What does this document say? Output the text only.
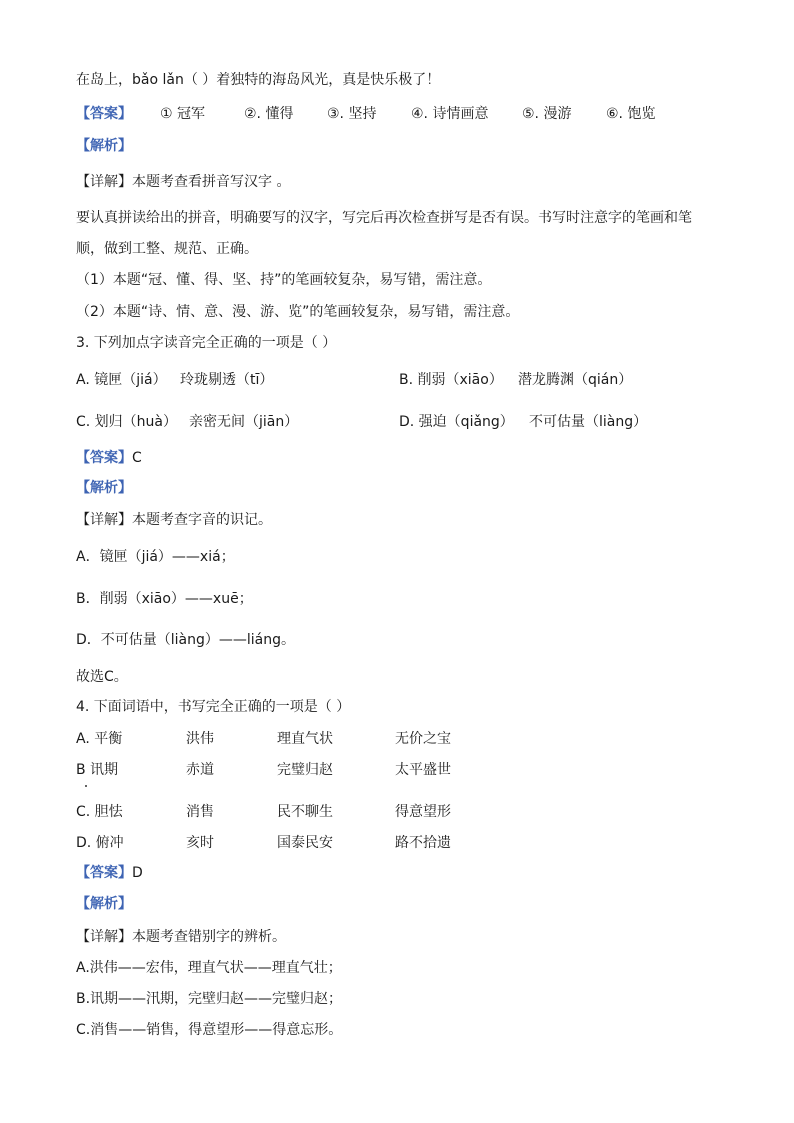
在岛上，bǎo lǎn（ ）着独特的海岛风光，真是快乐极了！
【答案】 ① 冠军	②. 懂得 ③. 坚持 ④. 诗情画意 ⑤. 漫游 ⑥. 饱览
【解析】
【详解】本题考查看拼音写汉字 。
要认真拼读给出的拼音，明确要写的汉字，写完后再次检查拼写是否有误。书写时注意字的笔画和笔
顺，做到工整、规范、正确。
（1）本题“冠、懂、得、坚、持”的笔画较复杂，易写错，需注意。
（2）本题“诗、情、意、漫、游、览”的笔画较复杂，易写错，需注意。
3. 下列加点字读音完全正确的一项是（ ）
A. 镜匣（jiá） 玲珑剔透（tī）	B. 削弱（xiāo） 潜龙腾渊（qián）
C. 划归（huà） 亲密无间（jiān）	D. 强迫（qiǎng） 不可估量（liàng）
【答案】C
【解析】
【详解】本题考查字音的识记。
A．镜匣（jiá）——xiá；
B．削弱（xiāo）——xuē；
D．不可估量（liàng）——liáng。
故选C。
4. 下面词语中，书写完全正确的一项是（ ）
A. 平衡	洪伟	理直气状	无价之宝
B 讯期	赤道	完璧归赵	太平盛世
C. 胆怯	消售	民不聊生	得意望形
D. 俯冲	亥时	国泰民安	路不拾遗
【答案】D
【解析】
【详解】本题考查错别字的辨析。
A.洪伟——宏伟，理直气状——理直气壮；
B.讯期——汛期，完壁归赵——完璧归赵；
C.消售——销售，得意望形——得意忘形。
